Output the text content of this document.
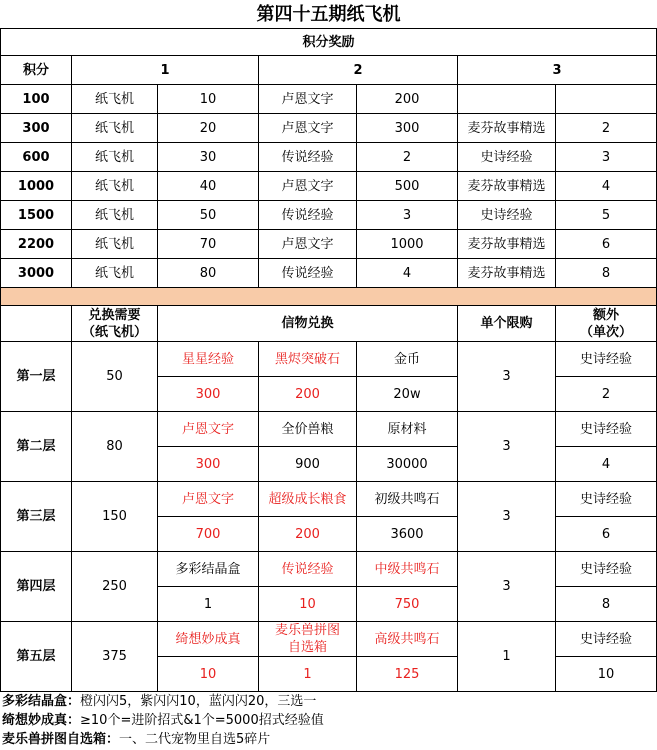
第四十五期纸飞机						
积分奖励						
积分	1		2		3	
100	纸飞机	10	卢恩文字	200		
300	纸飞机	20	卢恩文字	300	麦芬故事精选	2
600	纸飞机	30	传说经验	2	史诗经验	3
1000	纸飞机	40	卢恩文字	500	麦芬故事精选	4
1500	纸飞机	50	传说经验	3	史诗经验	5
2200	纸飞机	70	卢恩文字	1000	麦芬故事精选	6
3000	纸飞机	80	传说经验	4	麦芬故事精选	8

	兑换需要
（纸飞机）	信物兑换			单个限购	额外
（单次）
第一层	50	星星经验	黑烬突破石	金币	3	史诗经验
		300	200	20w		2
第二层	80	卢恩文字	全价兽粮	原材料	3	史诗经验
		300	900	30000		4
第三层	150	卢恩文字	超级成长粮食	初级共鸣石	3	史诗经验
		700	200	3600		6
第四层	250	多彩结晶盒	传说经验	中级共鸣石	3	史诗经验
		1	10	750		8
第五层	375	绮想妙成真	麦乐兽拼图
自选箱	高级共鸣石	1	史诗经验
		10	1	125		10
多彩结晶盒：橙闪闪5，紫闪闪10，蓝闪闪20，三选一
绮想妙成真：≥10个=进阶招式&1个=5000招式经验值
麦乐兽拼图自选箱：一、二代宠物里自选5碎片
